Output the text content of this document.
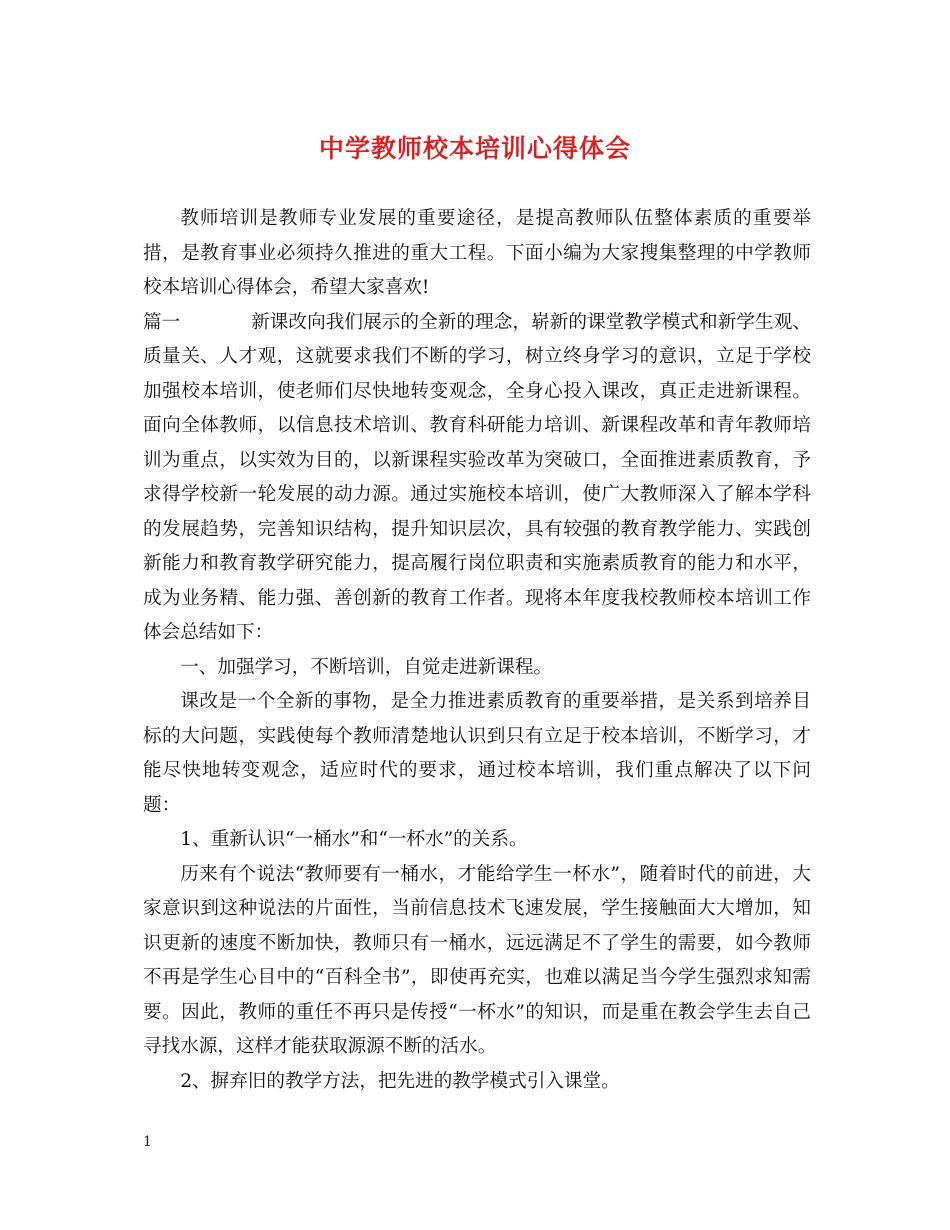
中学教师校本培训心得体会

教师培训是教师专业发展的重要途径，是提高教师队伍整体素质的重要举措，是教育事业必须持久推进的重大工程。下面小编为大家搜集整理的中学教师校本培训心得体会，希望大家喜欢!

篇一	新课改向我们展示的全新的理念，崭新的课堂教学模式和新学生观、质量关、人才观，这就要求我们不断的学习，树立终身学习的意识，立足于学校加强校本培训，使老师们尽快地转变观念，全身心投入课改，真正走进新课程。面向全体教师，以信息技术培训、教育科研能力培训、新课程改革和青年教师培训为重点，以实效为目的，以新课程实验改革为突破口，全面推进素质教育，予求得学校新一轮发展的动力源。通过实施校本培训，使广大教师深入了解本学科的发展趋势，完善知识结构，提升知识层次，具有较强的教育教学能力、实践创新能力和教育教学研究能力，提高履行岗位职责和实施素质教育的能力和水平，成为业务精、能力强、善创新的教育工作者。现将本年度我校教师校本培训工作体会总结如下：

一、加强学习，不断培训，自觉走进新课程。

课改是一个全新的事物，是全力推进素质教育的重要举措，是关系到培养目标的大问题，实践使每个教师清楚地认识到只有立足于校本培训，不断学习，才能尽快地转变观念，适应时代的要求，通过校本培训，我们重点解决了以下问题：

1、重新认识“一桶水”和“一杯水”的关系。

历来有个说法“教师要有一桶水，才能给学生一杯水”，随着时代的前进，大家意识到这种说法的片面性，当前信息技术飞速发展，学生接触面大大增加，知识更新的速度不断加快，教师只有一桶水，远远满足不了学生的需要，如今教师不再是学生心目中的“百科全书”，即使再充实，也难以满足当今学生强烈求知需要。因此，教师的重任不再只是传授“一杯水”的知识，而是重在教会学生去自己寻找水源，这样才能获取源源不断的活水。

2、摒弃旧的教学方法，把先进的教学模式引入课堂。

1
